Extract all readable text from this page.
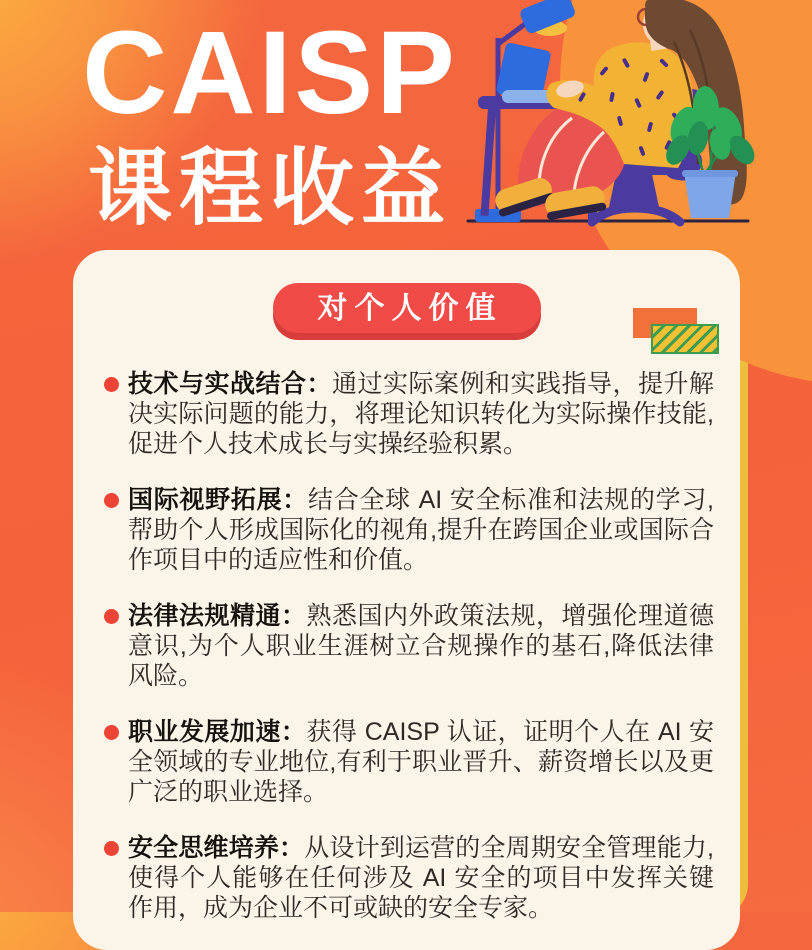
CAISP
课程收益
对个人价值

技术与实战结合：通过实际案例和实践指导，提升解决实际问题的能力，将理论知识转化为实际操作技能,促进个人技术成长与实操经验积累。

国际视野拓展：结合全球 AI 安全标准和法规的学习,帮助个人形成国际化的视角,提升在跨国企业或国际合作项目中的适应性和价值。

法律法规精通：熟悉国内外政策法规，增强伦理道德意识,为个人职业生涯树立合规操作的基石,降低法律风险。

职业发展加速：获得 CAISP 认证，证明个人在 AI 安全领域的专业地位,有利于职业晋升、薪资增长以及更广泛的职业选择。

安全思维培养：从设计到运营的全周期安全管理能力,使得个人能够在任何涉及 AI 安全的项目中发挥关键作用，成为企业不可或缺的安全专家。
